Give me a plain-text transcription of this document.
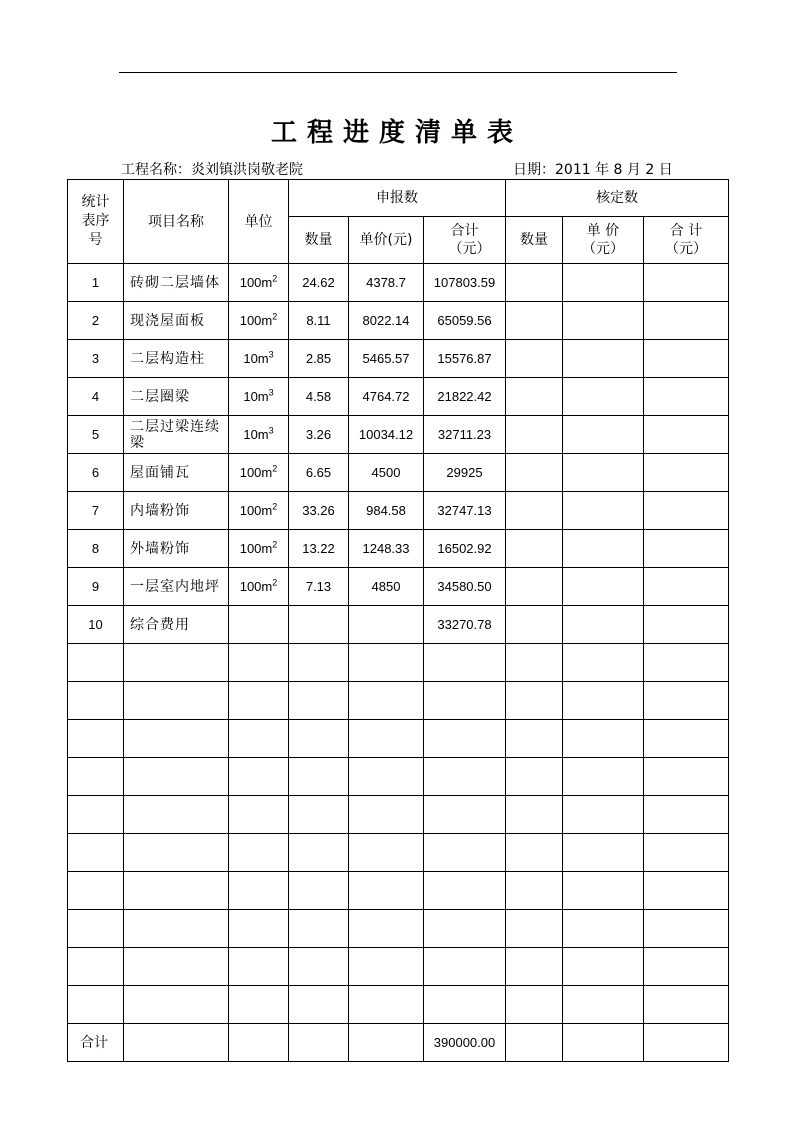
工程进度清单表
工程名称：炎刘镇洪岗敬老院	日期：2011 年 8 月 2 日
统计表序号	项目名称	单位	申报数			核定数		
			数量	单价(元)	合计（元）	数量	单 价（元）	合 计（元）

1	砖砌二层墙体	$100m^2$	24.62	4378.7	107803.59			
2	现浇屋面板	$100m^2$	8.11	8022.14	65059.56			
3	二层构造柱	$10m^3$	2.85	5465.57	15576.87			
4	二层圈梁	$10m^3$	4.58	4764.72	21822.42			
5	二层过梁连续梁	$10m^3$	3.26	10034.12	32711.23			
6	屋面铺瓦	$100m^2$	6.65	4500	29925			
7	内墙粉饰	$100m^2$	33.26	984.58	32747.13			
8	外墙粉饰	$100m^2$	13.22	1248.33	16502.92			
9	一层室内地坪	$100m^2$	7.13	4850	34580.50			
10	综合费用				33270.78			

合计					390000.00			
